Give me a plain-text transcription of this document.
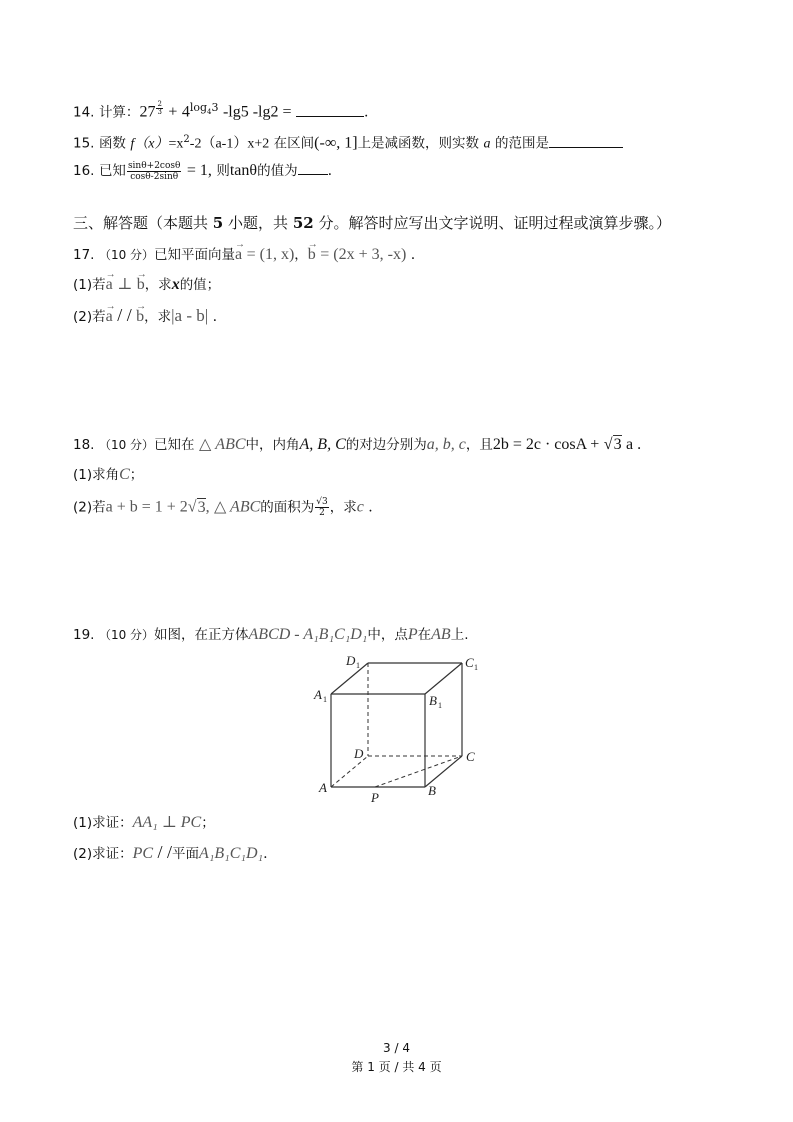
14. 计算：27 $^{\frac{2}{3}} + 4^{log_43}$ -lg5 -lg2 =	.
15. 函数 $f(x)=x^2-2(a-1)x+2$ 在区间(-∞, 1]上是减函数，则实数 a 的范围是
16. 已知 $\frac{\sin\theta+2\cos\theta}{\cos\theta-2\sin\theta} = 1$, 则tanθ的值为 .
三、解答题（本题共 5 小题，共 52 分。解答时应写出文字说明、证明过程或演算步骤。）
17. （10 分）已知平面向量→ a = (1, x)，→ b = (2x + 3, -x) .
(1)若→ a ⊥ → b，求x的值；
(2)若→ a / / → b，求|a - b| .
18. （10 分）已知在 △ ABC中，内角A, B, C的对边分别为a, b, c，且2b = 2c · cosA + √3 a .
(1)求角C；
(2)若a + b = 1 + 2√3, △ ABC的面积为 $\frac{√3}{2}$ ，求c .
19. （10 分）如图，在正方体ABCD - A₁B₁C₁D₁中，点P在AB上.
D 1	C 1
A 1	B 1
D	C
A
P	B
(1)求证：AA₁ ⊥ PC；
(2)求证：PC / /平面A₁B₁C₁D₁.
3 / 4
第 1 页 / 共 4 页
